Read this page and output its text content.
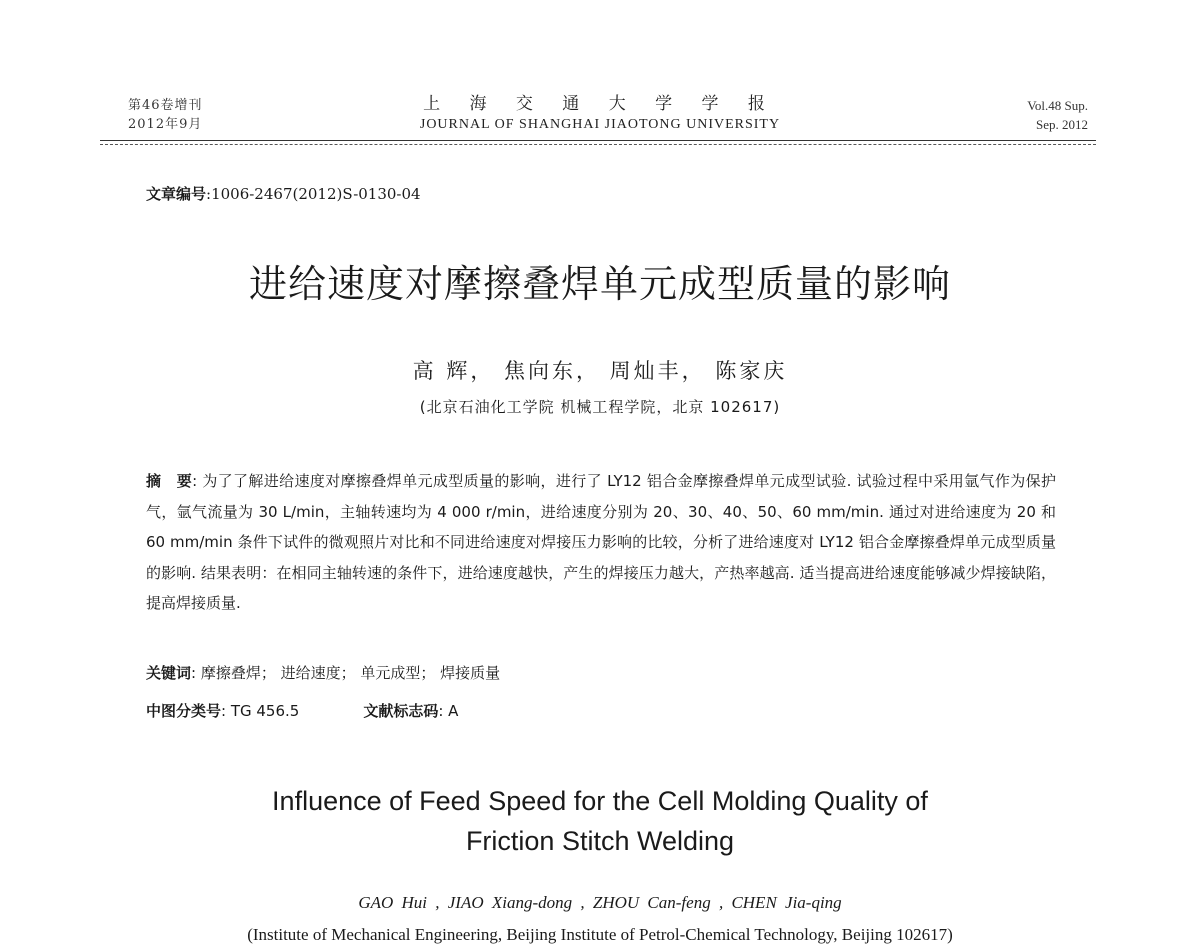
第46卷增刊
2012年9月
上 海 交 通 大 学 学 报
JOURNAL OF SHANGHAI JIAOTONG UNIVERSITY
Vol.48 Sup.
Sep. 2012
文章编号:1006-2467(2012)S-0130-04
进给速度对摩擦叠焊单元成型质量的影响
高 辉， 焦向东， 周灿丰， 陈家庆
(北京石油化工学院 机械工程学院，北京 102617)
摘　要: 为了了解进给速度对摩擦叠焊单元成型质量的影响，进行了 LY12 铝合金摩擦叠焊单元成型试验. 试验过程中采用氩气作为保护气，氩气流量为 30 L/min，主轴转速均为 4 000 r/min，进给速度分别为 20、30、40、50、60 mm/min. 通过对进给速度为 20 和 60 mm/min 条件下试件的微观照片对比和不同进给速度对焊接压力影响的比较，分析了进给速度对 LY12 铝合金摩擦叠焊单元成型质量的影响. 结果表明：在相同主轴转速的条件下，进给速度越快，产生的焊接压力越大，产热率越高. 适当提高进给速度能够减少焊接缺陷，提高焊接质量.
关键词: 摩擦叠焊； 进给速度； 单元成型； 焊接质量
中图分类号: TG 456.5	文献标志码: A
Influence of Feed Speed for the Cell Molding Quality of
Friction Stitch Welding
GAO Hui , JIAO Xiang-dong , ZHOU Can-feng , CHEN Jia-qing
(Institute of Mechanical Engineering, Beijing Institute of Petrol-Chemical Technology, Beijing 102617)
